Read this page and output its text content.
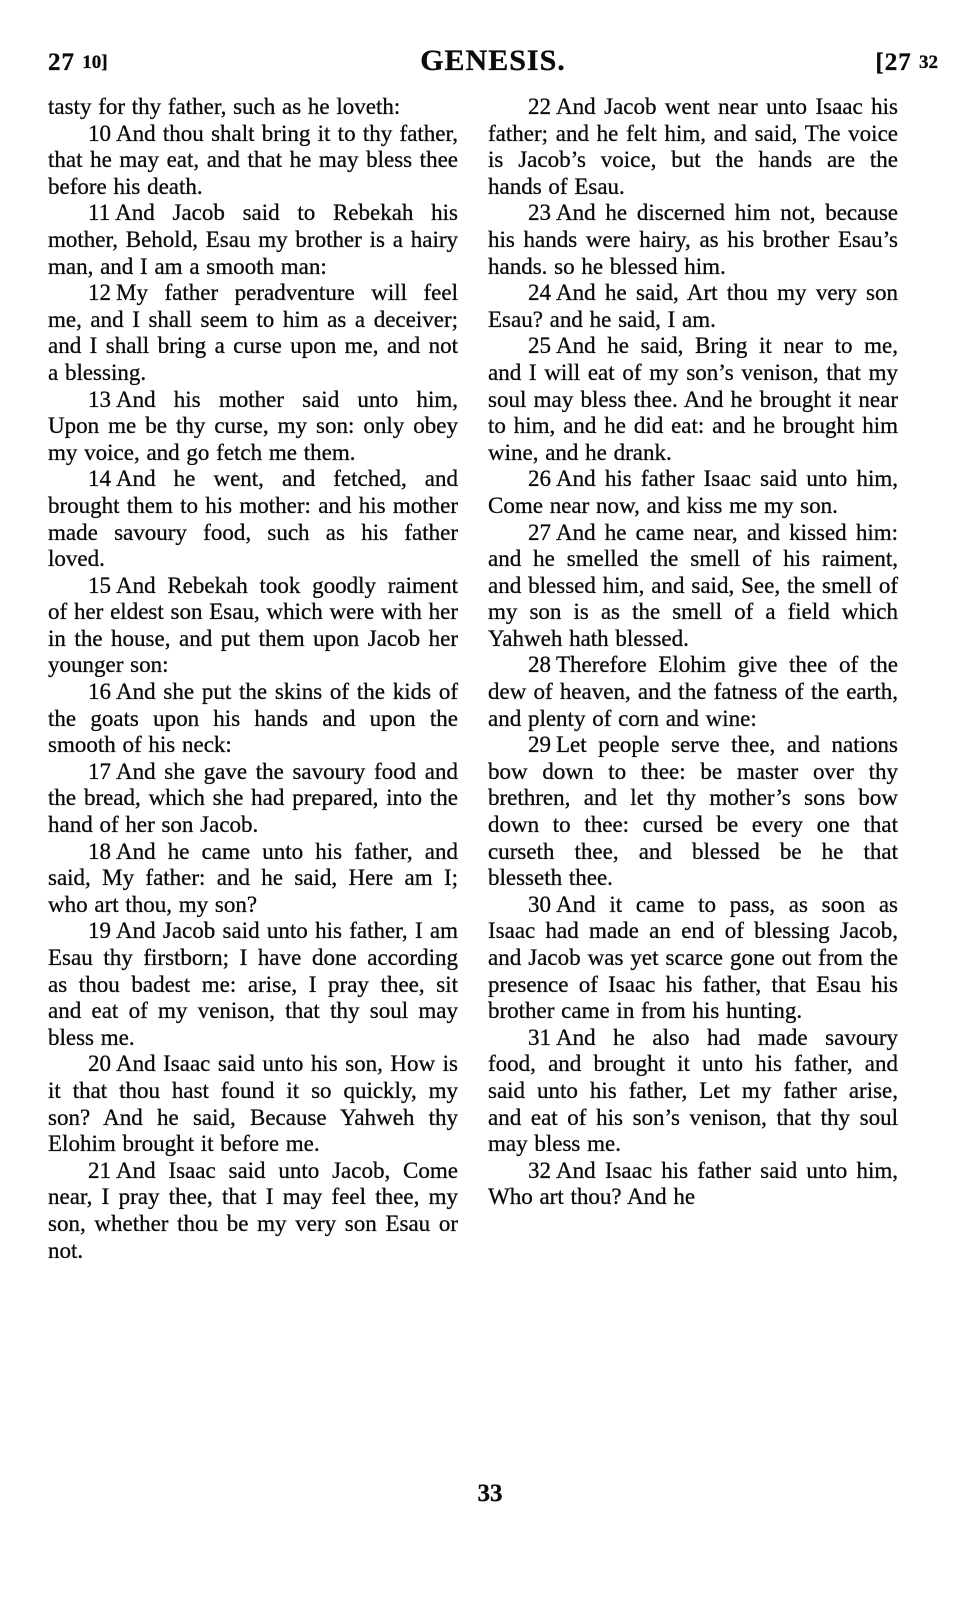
27 10]	GENESIS.	[27 32

tasty for thy father, such as he loveth:

10 And thou shalt bring it to thy father, that he may eat, and that he may bless thee before his death.

11 And Jacob said to Rebekah his mother, Behold, Esau my brother is a hairy man, and I am a smooth man:

12 My father peradventure will feel me, and I shall seem to him as a deceiver; and I shall bring a curse upon me, and not a blessing.

13 And his mother said unto him, Upon me be thy curse, my son: only obey my voice, and go fetch me them.

14 And he went, and fetched, and brought them to his mother: and his mother made savoury food, such as his father loved.

15 And Rebekah took goodly raiment of her eldest son Esau, which were with her in the house, and put them upon Jacob her younger son:

16 And she put the skins of the kids of the goats upon his hands and upon the smooth of his neck:

17 And she gave the savoury food and the bread, which she had prepared, into the hand of her son Jacob.

18 And he came unto his father, and said, My father: and he said, Here am I; who art thou, my son?

19 And Jacob said unto his father, I am Esau thy firstborn; I have done according as thou badest me: arise, I pray thee, sit and eat of my venison, that thy soul may bless me.

20 And Isaac said unto his son, How is it that thou hast found it so quickly, my son? And he said, Because Yahweh thy Elohim brought it before me.

21 And Isaac said unto Jacob, Come near, I pray thee, that I may feel thee, my son, whether thou be my very son Esau or not.

22 And Jacob went near unto Isaac his father; and he felt him, and said, The voice is Jacob’s voice, but the hands are the hands of Esau.

23 And he discerned him not, because his hands were hairy, as his brother Esau’s hands. so he blessed him.

24 And he said, Art thou my very son Esau? and he said, I am.

25 And he said, Bring it near to me, and I will eat of my son’s venison, that my soul may bless thee. And he brought it near to him, and he did eat: and he brought him wine, and he drank.

26 And his father Isaac said unto him, Come near now, and kiss me my son.

27 And he came near, and kissed him: and he smelled the smell of his raiment, and blessed him, and said, See, the smell of my son is as the smell of a field which Yahweh hath blessed.

28 Therefore Elohim give thee of the dew of heaven, and the fatness of the earth, and plenty of corn and wine:

29 Let people serve thee, and nations bow down to thee: be master over thy brethren, and let thy mother’s sons bow down to thee: cursed be every one that curseth thee, and blessed be he that blesseth thee.

30 And it came to pass, as soon as Isaac had made an end of blessing Jacob, and Jacob was yet scarce gone out from the presence of Isaac his father, that Esau his brother came in from his hunting.

31 And he also had made savoury food, and brought it unto his father, and said unto his father, Let my father arise, and eat of his son’s venison, that thy soul may bless me.

32 And Isaac his father said unto him, Who art thou? And he

33
